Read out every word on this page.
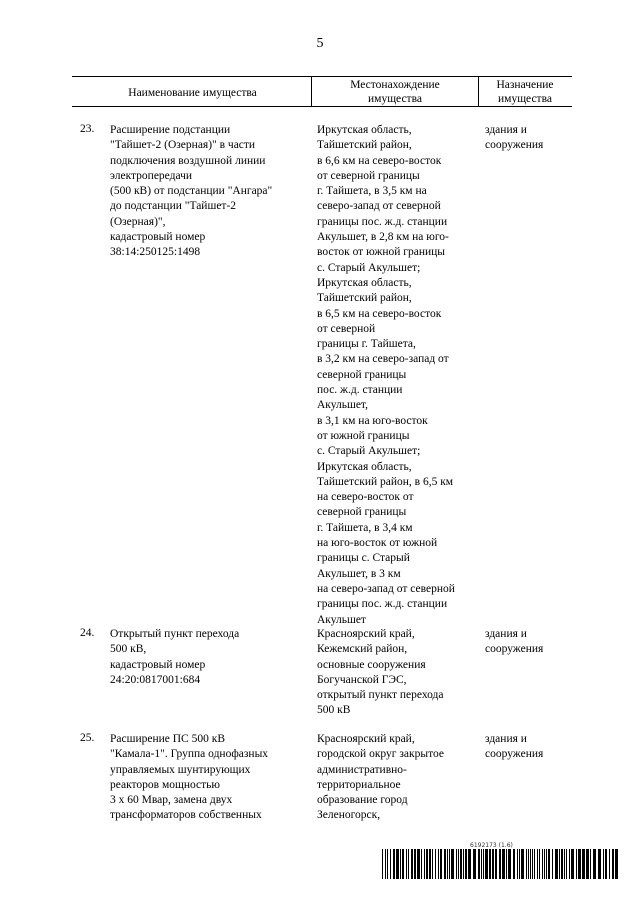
5
Наименование имущества
Местонахождение
имущества
Назначение
имущества
23. Расширение подстанции
"Тайшет-2 (Озерная)" в части
подключения воздушной линии
электропередачи
(500 кВ) от подстанции "Ангара"
до подстанции "Тайшет-2
(Озерная)",
кадастровый номер
38:14:250125:1498
Иркутская область,
Тайшетский район,
в 6,6 км на северо-восток
от северной границы
г. Тайшета, в 3,5 км на
северо-запад от северной
границы пос. ж.д. станции
Акульшет, в 2,8 км на юго-
восток от южной границы
с. Старый Акульшет;
Иркутская область,
Тайшетский район,
в 6,5 км на северо-восток
от северной
границы г. Тайшета,
в 3,2 км на северо-запад от
северной границы
пос. ж.д. станции
Акульшет,
в 3,1 км на юго-восток
от южной границы
с. Старый Акульшет;
Иркутская область,
Тайшетский район, в 6,5 км
на северо-восток от
северной границы
г. Тайшета, в 3,4 км
на юго-восток от южной
границы с. Старый
Акульшет, в 3 км
на северо-запад от северной
границы пос. ж.д. станции
Акульшет
здания и
сооружения
24. Открытый пункт перехода
500 кВ,
кадастровый номер
24:20:0817001:684
Красноярский край,
Кежемский район,
основные сооружения
Богучанской ГЭС,
открытый пункт перехода
500 кВ
здания и
сооружения
25. Расширение ПС 500 кВ
"Камала-1". Группа однофазных
управляемых шунтирующих
реакторов мощностью
3 х 60 Мвар, замена двух
трансформаторов собственных
Красноярский край,
городской округ закрытое
административно-
территориальное
образование город
Зеленогорск,
здания и
сооружения
6192173 (1.6)
